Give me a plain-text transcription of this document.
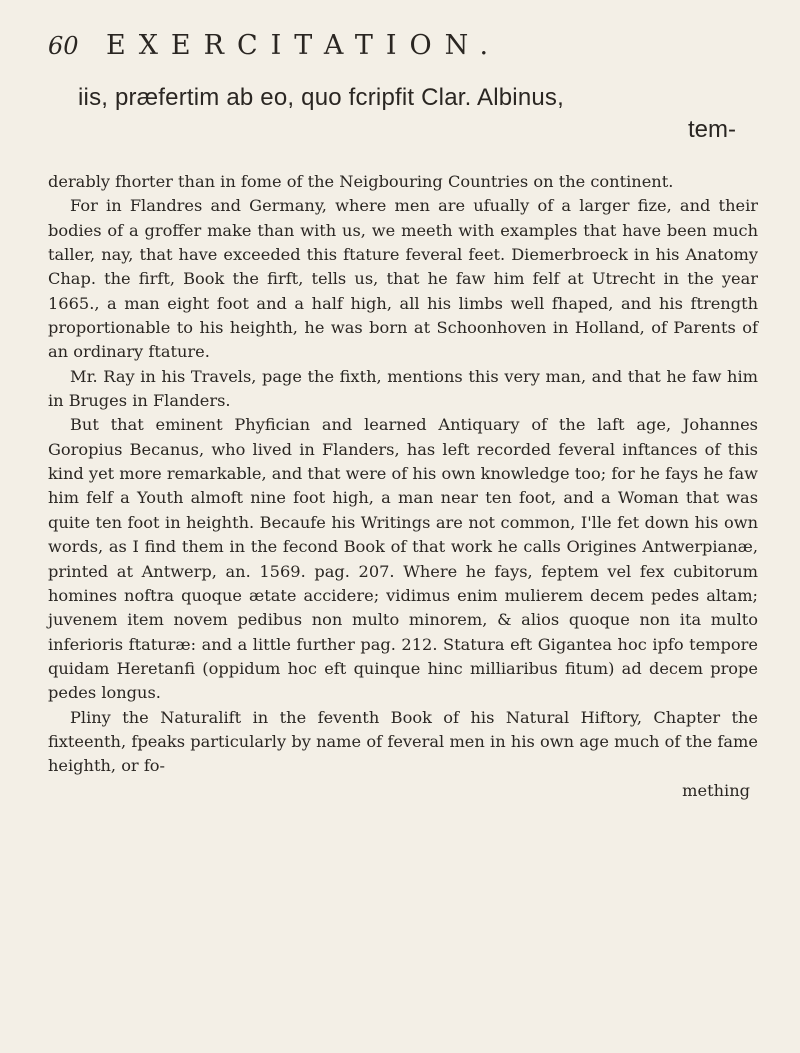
60	EXERCITATION.
iis, præfertim ab eo, quo fcripfit Clar. Albinus,
tem-

derably fhorter than in fome of the Neigbouring Countries on the continent.

For in Flandres and Germany, where men are ufually of a larger fize, and their bodies of a groffer make than with us, we meeth with examples that have been much taller, nay, that have exceeded this ftature feveral feet. Diemerbroeck in his Anatomy Chap. the firft, Book the firft, tells us, that he faw him felf at Utrecht in the year 1665., a man eight foot and a half high, all his limbs well fhaped, and his ftrength proportionable to his heighth, he was born at Schoonhoven in Holland, of Parents of an ordinary ftature.

Mr. Ray in his Travels, page the fixth, mentions this very man, and that he faw him in Bruges in Flanders.

But that eminent Phyfician and learned Antiquary of the laft age, Johannes Goropius Becanus, who lived in Flanders, has left recorded feveral inftances of this kind yet more remarkable, and that were of his own knowledge too; for he fays he faw him felf a Youth almoft nine foot high, a man near ten foot, and a Woman that was quite ten foot in heighth. Becaufe his Writings are not common, I'lle fet down his own words, as I find them in the fecond Book of that work he calls Origines Antwerpianæ, printed at Antwerp, an. 1569. pag. 207. Where he fays, feptem vel fex cubitorum homines noftra quoque ætate accidere; vidimus enim mulierem decem pedes altam; juvenem item novem pedibus non multo minorem, & alios quoque non ita multo inferioris ftaturæ: and a little further pag. 212. Statura eft Gigantea hoc ipfo tempore quidam Heretanfi (oppidum hoc eft quinque hinc milliaribus fitum) ad decem prope pedes longus.

Pliny the Naturalift in the feventh Book of his Natural Hiftory, Chapter the fixteenth, fpeaks particularly by name of feveral men in his own age much of the fame heighth, or fo-

mething
